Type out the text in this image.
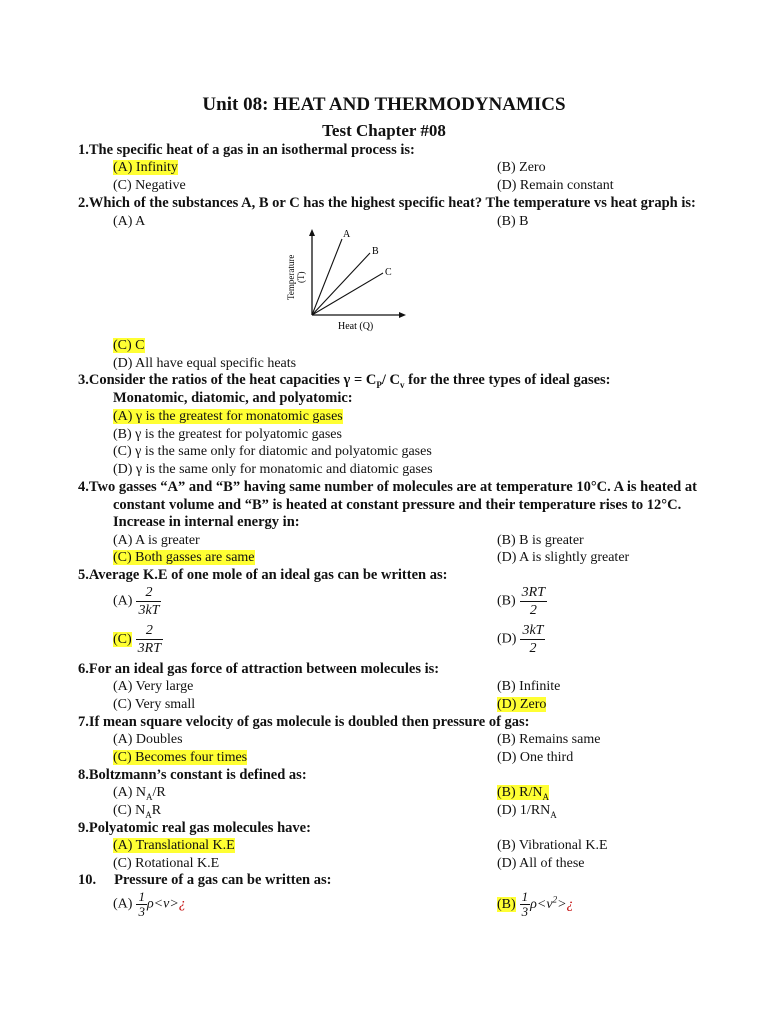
Unit 08: HEAT AND THERMODYNAMICS
Test Chapter #08
1.The specific heat of a gas in an isothermal process is:
(A) Infinity	(B) Zero
(C) Negative	(D) Remain constant
2.Which of the substances A, B or C has the highest specific heat? The temperature vs heat graph is:
(A) A	(B) B
A
B
C
Heat (Q)
Temperature (T)
(C) C
(D) All have equal specific heats
3.Consider the ratios of the heat capacities $\gamma = C_P/$ $C_v$ for the three types of ideal gases:
Monatomic, diatomic, and polyatomic:
(A) γ is the greatest for monatomic gases
(B) γ is the greatest for polyatomic gases
(C) γ is the same only for diatomic and polyatomic gases
(D) γ is the same only for monatomic and diatomic gases
4.Two gasses “A” and “B” having same number of molecules are at temperature 10°C. A is heated at
constant volume and “B” is heated at constant pressure and their temperature rises to 12°C.
Increase in internal energy in:
(A) A is greater	(B) B is greater
(C) Both gasses are same	(D) A is slightly greater
5.Average K.E of one mole of an ideal gas can be written as:
$(A) \frac{2}{3kT}$	$(B) \frac{3RT}{2}$
$(C) \frac{2}{3RT}$	$(D) \frac{3kT}{2}$
6.For an ideal gas force of attraction between molecules is:
(A) Very large	(B) Infinite
(C) Very small	(D) Zero
7.If mean square velocity of gas molecule is doubled then pressure of gas:
(A) Doubles	(B) Remains same
(C) Becomes four times	(D) One third
8.Boltzmann’s constant is defined as:
(A) $N_A/R$	(B) $R/N_A$
(C) $N_AR$	(D) $1/RN_A$
9.Polyatomic real gas molecules have:
(A) Translational K.E	(B) Vibrational K.E
(C) Rotational K.E	(D) All of these
10. Pressure of a gas can be written as:
$(A) \frac{1}{3}$ ρ<v>¿	$(B) \frac{1}{3}$ $\rho<v^2>¿$
